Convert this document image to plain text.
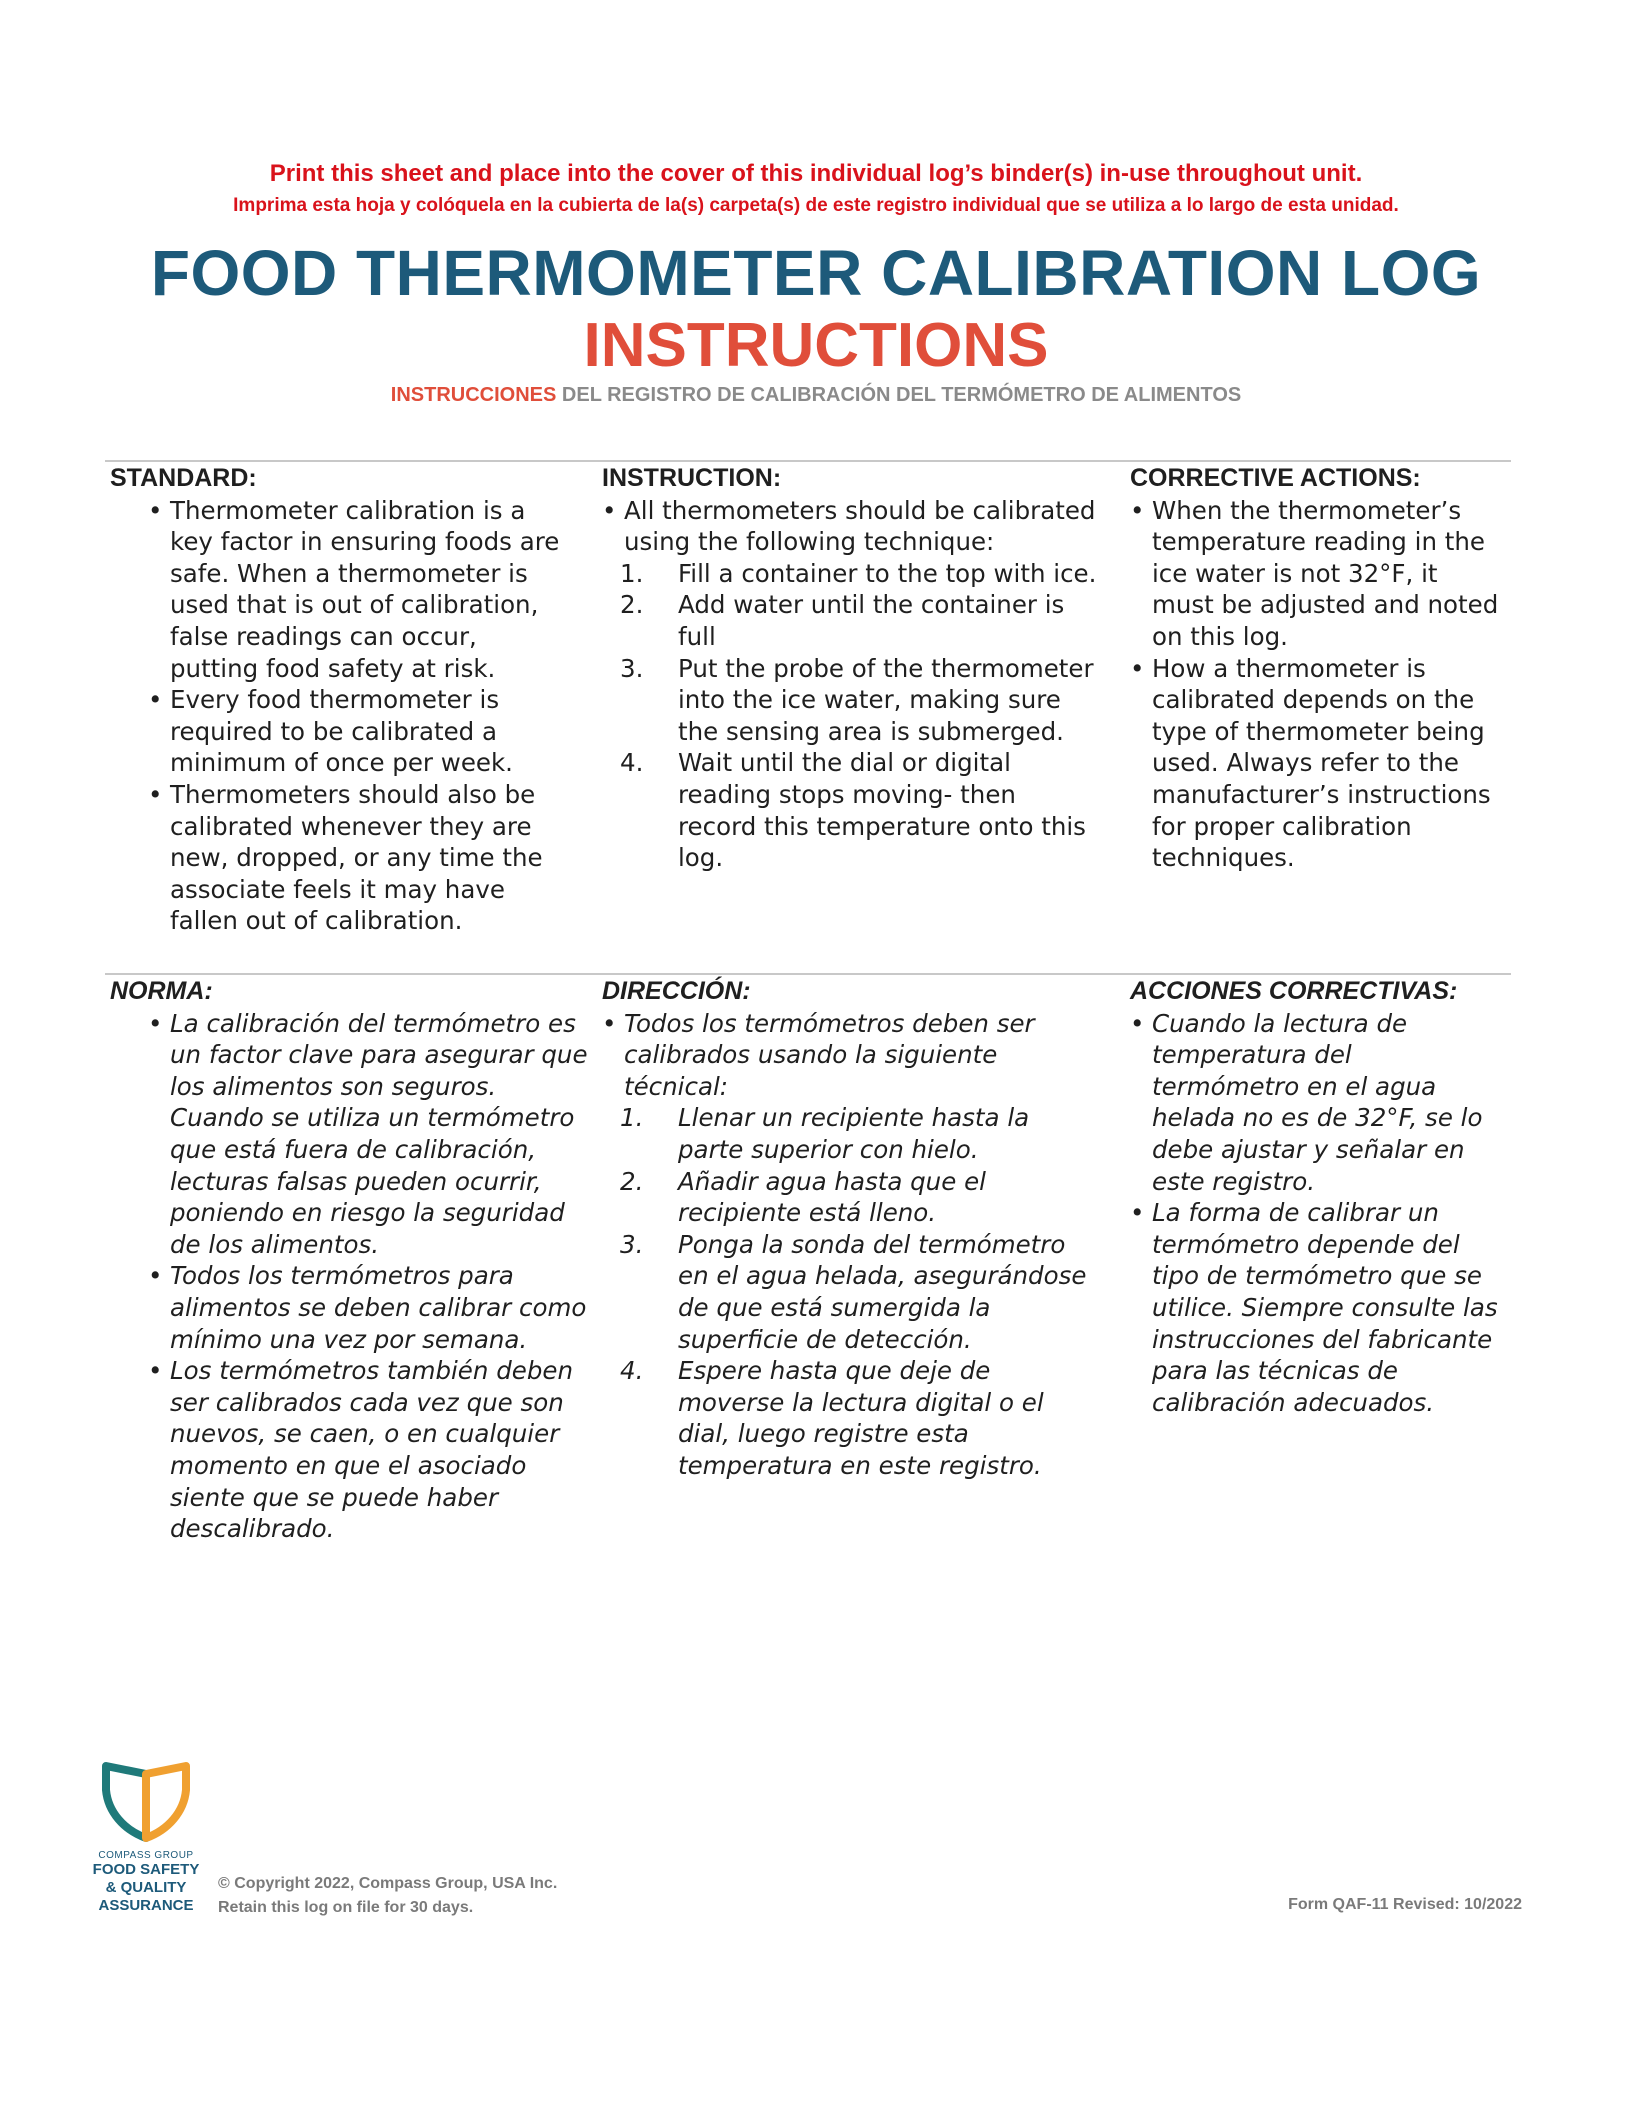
Print this sheet and place into the cover of this individual log’s binder(s) in-use throughout unit.
Imprima esta hoja y colóquela en la cubierta de la(s) carpeta(s) de este registro individual que se utiliza a lo largo de esta unidad.
FOOD THERMOMETER CALIBRATION LOG
INSTRUCTIONS
INSTRUCCIONES DEL REGISTRO DE CALIBRACIÓN DEL TERMÓMETRO DE ALIMENTOS
STANDARD:
• Thermometer calibration is a key factor in ensuring foods are safe. When a thermometer is used that is out of calibration, false readings can occur, putting food safety at risk.
• Every food thermometer is required to be calibrated a minimum of once per week.
• Thermometers should also be calibrated whenever they are new, dropped, or any time the associate feels it may have fallen out of calibration.
INSTRUCTION:
• All thermometers should be calibrated using the following technique:
1. Fill a container to the top with ice.
2. Add water until the container is full
3. Put the probe of the thermometer into the ice water, making sure the sensing area is submerged.
4. Wait until the dial or digital reading stops moving- then record this temperature onto this log.
CORRECTIVE ACTIONS:
• When the thermometer’s temperature reading in the ice water is not 32°F, it must be adjusted and noted on this log.
• How a thermometer is calibrated depends on the type of thermometer being used. Always refer to the manufacturer’s instructions for proper calibration techniques.
NORMA:
• La calibración del termómetro es un factor clave para asegurar que los alimentos son seguros. Cuando se utiliza un termómetro que está fuera de calibración, lecturas falsas pueden ocurrir, poniendo en riesgo la seguridad de los alimentos.
• Todos los termómetros para alimentos se deben calibrar como mínimo una vez por semana.
• Los termómetros también deben ser calibrados cada vez que son nuevos, se caen, o en cualquier momento en que el asociado siente que se puede haber descalibrado.
DIRECCIÓN:
• Todos los termómetros deben ser calibrados usando la siguiente técnical:
1. Llenar un recipiente hasta la parte superior con hielo.
2. Añadir agua hasta que el recipiente está lleno.
3. Ponga la sonda del termómetro en el agua helada, asegurándose de que está sumergida la superficie de detección.
4. Espere hasta que deje de moverse la lectura digital o el dial, luego registre esta temperatura en este registro.
ACCIONES CORRECTIVAS:
• Cuando la lectura de temperatura del termómetro en el agua helada no es de 32°F, se lo debe ajustar y señalar en este registro.
• La forma de calibrar un termómetro depende del tipo de termómetro que se utilice. Siempre consulte las instrucciones del fabricante para las técnicas de calibración adecuados.
COMPASS GROUP
FOOD SAFETY
& QUALITY
ASSURANCE
© Copyright 2022, Compass Group, USA Inc.
Retain this log on file for 30 days.	Form QAF-11 Revised: 10/2022
